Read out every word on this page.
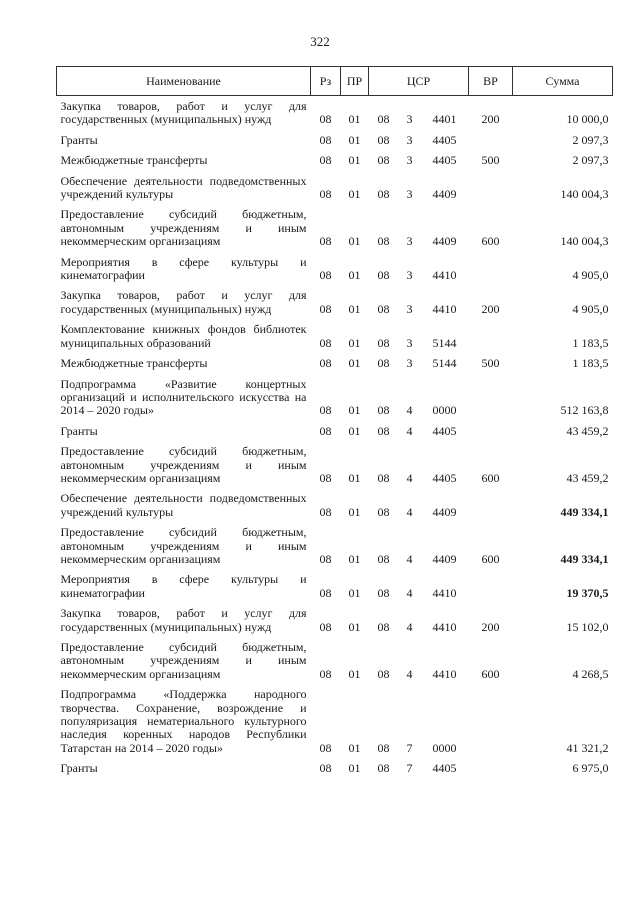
322
Наименование	Рз	ПР	ЦСР			ВР	Сумма

Закупка товаров, работ и услуг для государственных (муниципальных) нужд	08	01	08	3	4401	200	10 000,0

Гранты	08	01	08	3	4405		2 097,3

Межбюджетные трансферты	08	01	08	3	4405	500	2 097,3

Обеспечение деятельности подведомственных учреждений культуры	08	01	08	3	4409		140 004,3

Предоставление субсидий бюджетным, автономным учреждениям и иным некоммерческим организациям	08	01	08	3	4409	600	140 004,3

Мероприятия в сфере культуры и кинематографии	08	01	08	3	4410		4 905,0

Закупка товаров, работ и услуг для государственных (муниципальных) нужд	08	01	08	3	4410	200	4 905,0

Комплектование книжных фондов библиотек муниципальных образований	08	01	08	3	5144		1 183,5

Межбюджетные трансферты	08	01	08	3	5144	500	1 183,5

Подпрограмма «Развитие концертных организаций и исполнительского искусства на 2014 – 2020 годы»	08	01	08	4	0000		512 163,8

Гранты	08	01	08	4	4405		43 459,2

Предоставление субсидий бюджетным, автономным учреждениям и иным некоммерческим организациям	08	01	08	4	4405	600	43 459,2

Обеспечение деятельности подведомственных учреждений культуры	08	01	08	4	4409		449 334,1

Предоставление субсидий бюджетным, автономным учреждениям и иным некоммерческим организациям	08	01	08	4	4409	600	449 334,1

Мероприятия в сфере культуры и кинематографии	08	01	08	4	4410		19 370,5

Закупка товаров, работ и услуг для государственных (муниципальных) нужд	08	01	08	4	4410	200	15 102,0

Предоставление субсидий бюджетным, автономным учреждениям и иным некоммерческим организациям	08	01	08	4	4410	600	4 268,5

Подпрограмма «Поддержка народного творчества. Сохранение, возрождение и популяризация нематериального культурного наследия коренных народов Республики Татарстан на 2014 – 2020 годы»	08	01	08	7	0000		41 321,2

Гранты	08	01	08	7	4405		6 975,0
